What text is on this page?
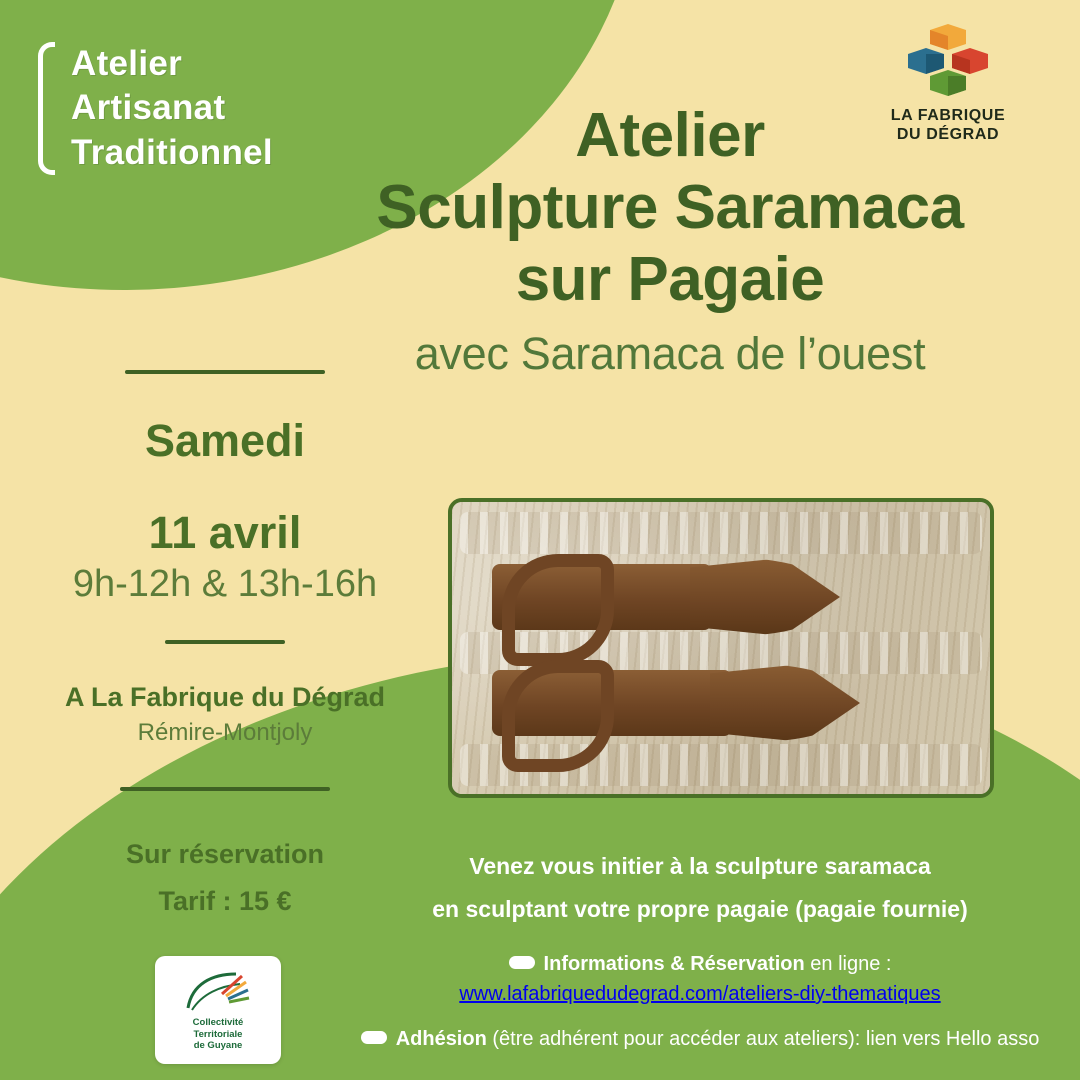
Atelier
Artisanat
Traditionnel
LA FABRIQUE
DU DÉGRAD
Atelier
Sculpture Saramaca
sur Pagaie
avec Saramaca de l’ouest
Samedi
11 avril
9h-12h & 13h-16h
A La Fabrique du Dégrad
Rémire-Montjoly
Sur réservation
Tarif : 15 €
Venez vous initier à la sculpture saramaca
en sculptant votre propre pagaie (pagaie fournie)
Informations & Réservation en ligne :
www.lafabriquedudegrad.com/ateliers-diy-thematiques
Adhésion (être adhérent pour accéder aux ateliers): lien vers Hello asso
Collectivité
Territoriale
de Guyane
